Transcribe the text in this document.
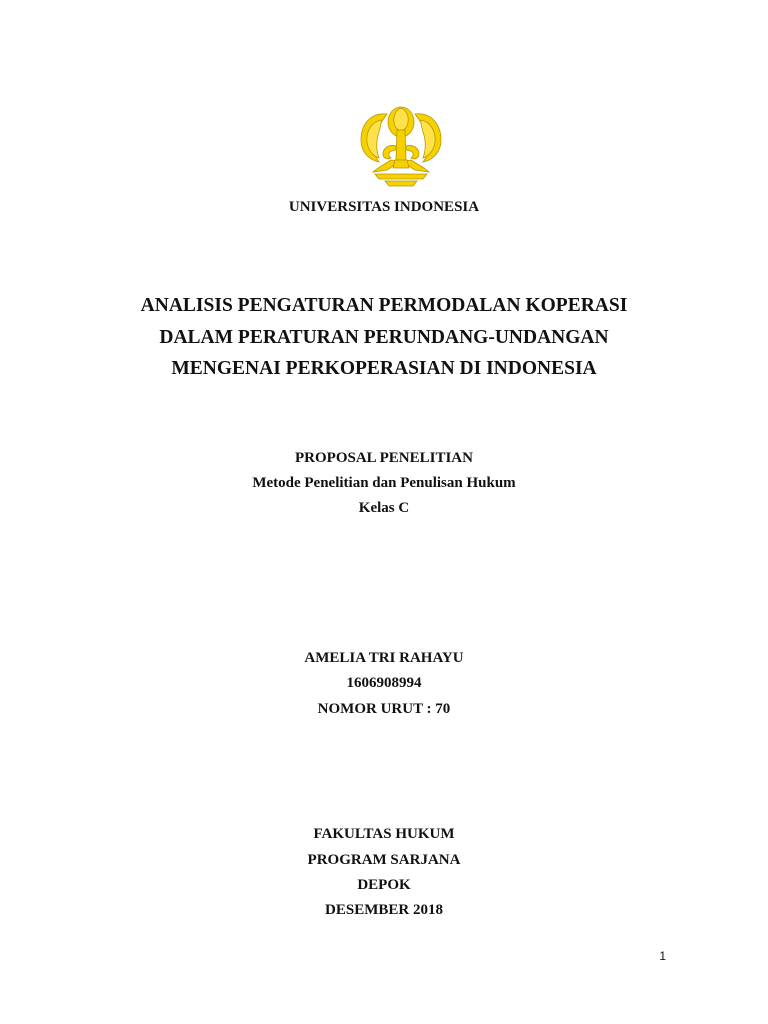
UNIVERSITAS INDONESIA
ANALISIS PENGATURAN PERMODALAN KOPERASI
DALAM PERATURAN PERUNDANG-UNDANGAN
MENGENAI PERKOPERASIAN DI INDONESIA
PROPOSAL PENELITIAN
Metode Penelitian dan Penulisan Hukum
Kelas C
AMELIA TRI RAHAYU
1606908994
NOMOR URUT : 70
FAKULTAS HUKUM
PROGRAM SARJANA
DEPOK
DESEMBER 2018
1
